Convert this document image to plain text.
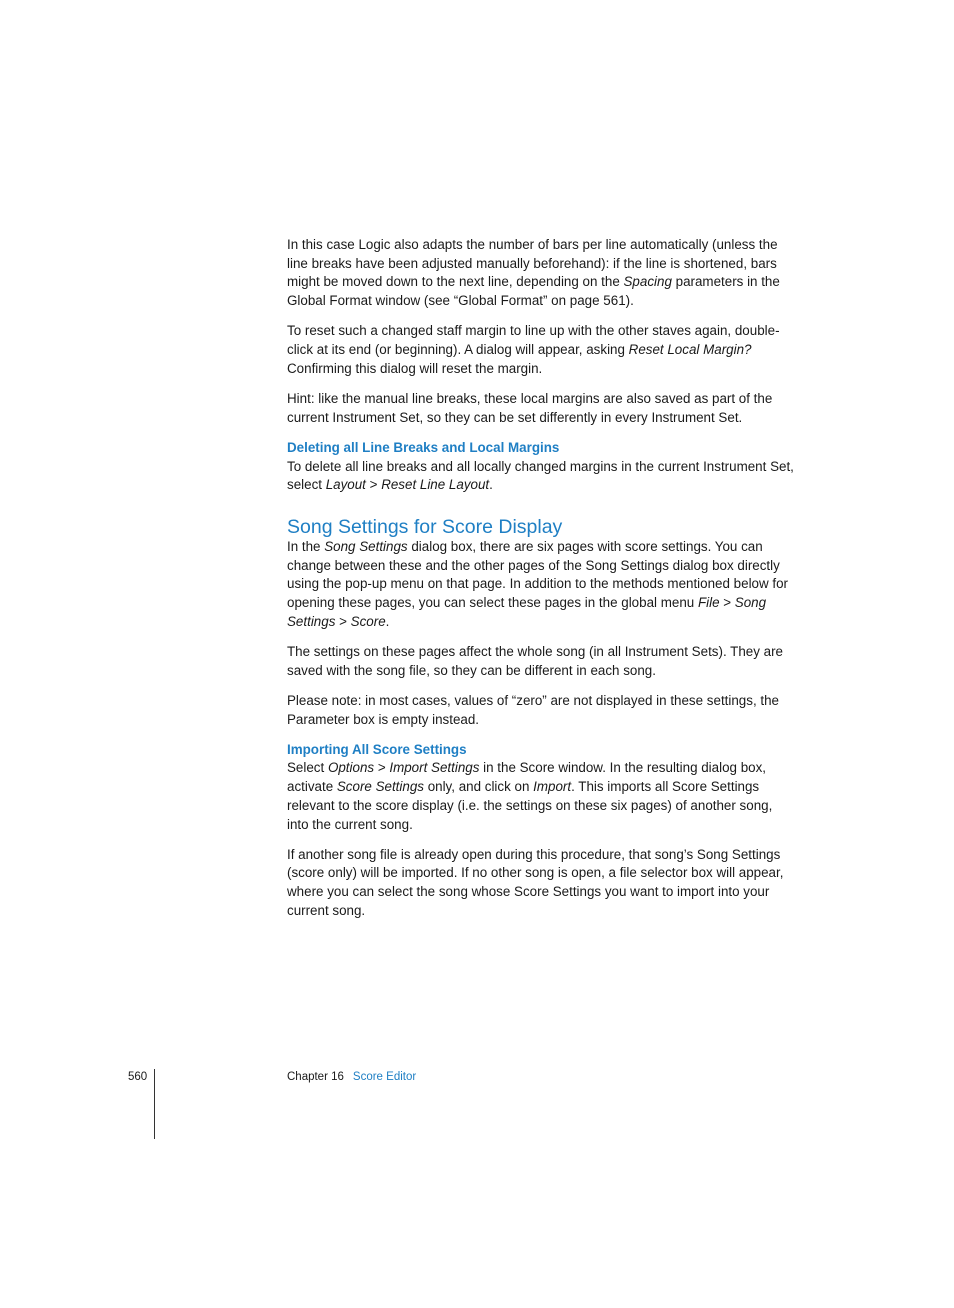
In this case Logic also adapts the number of bars per line automatically (unless the line breaks have been adjusted manually beforehand): if the line is shortened, bars might be moved down to the next line, depending on the Spacing parameters in the Global Format window (see “Global Format” on page 561).

To reset such a changed staff margin to line up with the other staves again, double-click at its end (or beginning). A dialog will appear, asking Reset Local Margin? Confirming this dialog will reset the margin.

Hint: like the manual line breaks, these local margins are also saved as part of the current Instrument Set, so they can be set differently in every Instrument Set.

Deleting all Line Breaks and Local Margins

To delete all line breaks and all locally changed margins in the current Instrument Set, select Layout > Reset Line Layout.

Song Settings for Score Display

In the Song Settings dialog box, there are six pages with score settings. You can change between these and the other pages of the Song Settings dialog box directly using the pop-up menu on that page. In addition to the methods mentioned below for opening these pages, you can select these pages in the global menu File > Song Settings > Score.

The settings on these pages affect the whole song (in all Instrument Sets). They are saved with the song file, so they can be different in each song.

Please note: in most cases, values of “zero” are not displayed in these settings, the Parameter box is empty instead.

Importing All Score Settings

Select Options > Import Settings in the Score window. In the resulting dialog box, activate Score Settings only, and click on Import. This imports all Score Settings relevant to the score display (i.e. the settings on these six pages) of another song, into the current song.

If another song file is already open during this procedure, that song’s Song Settings (score only) will be imported. If no other song is open, a file selector box will appear, where you can select the song whose Score Settings you want to import into your current song.

560	Chapter 16 Score Editor
